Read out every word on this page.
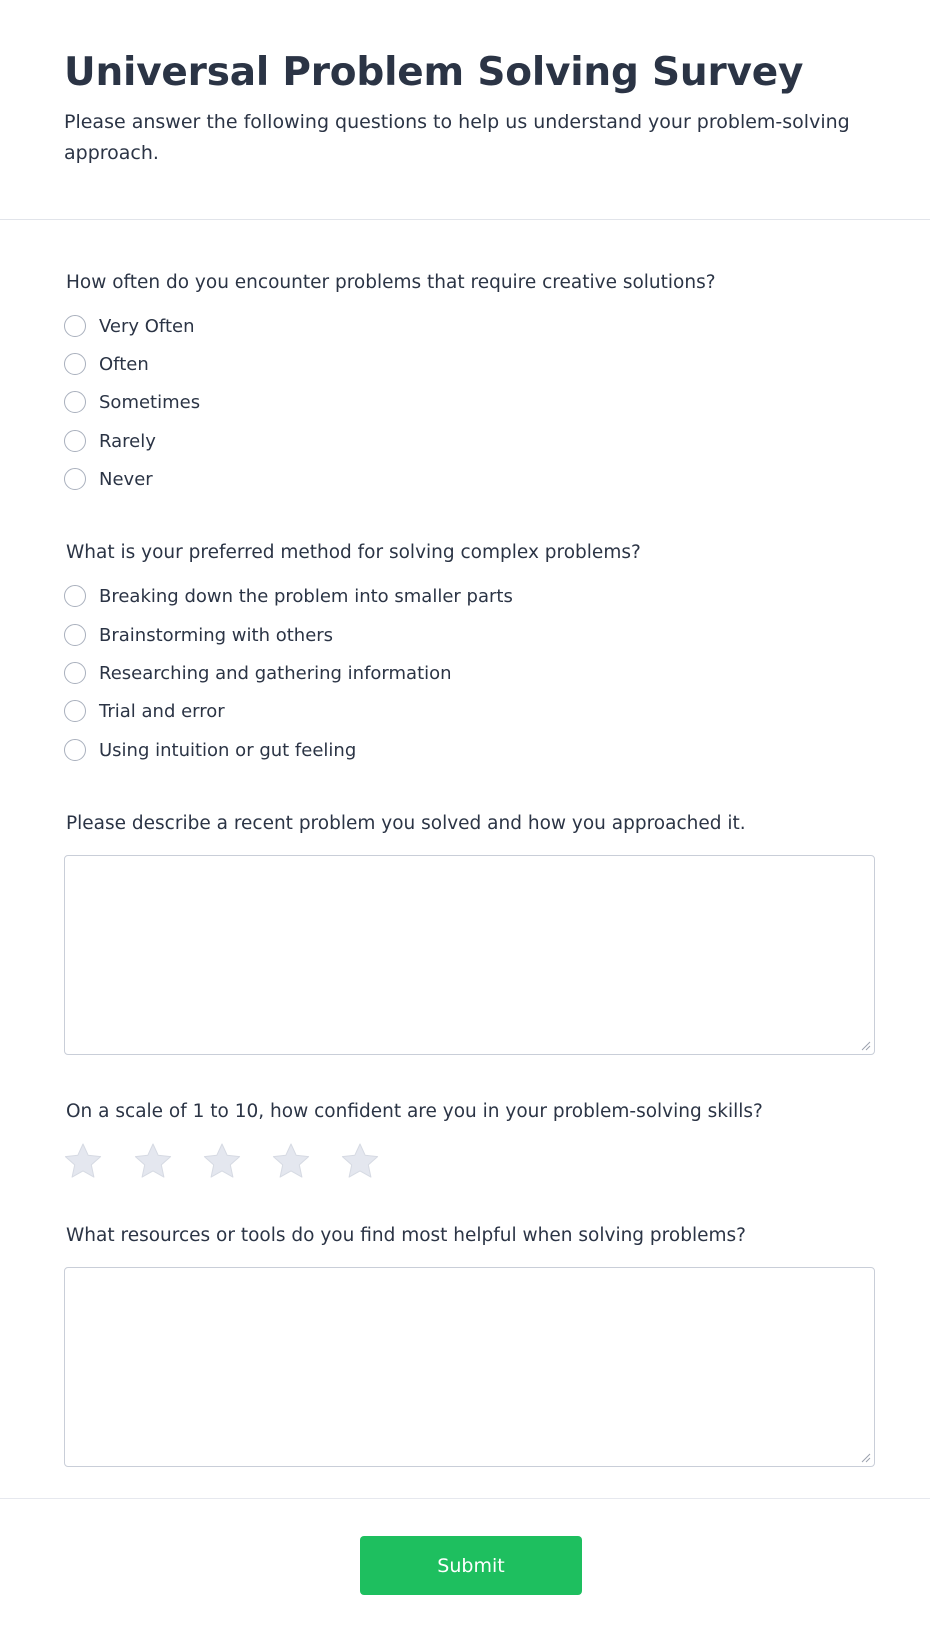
Universal Problem Solving Survey

Please answer the following questions to help us understand your problem-solving approach.

How often do you encounter problems that require creative solutions?

Very Often
Often
Sometimes
Rarely
Never

What is your preferred method for solving complex problems?

Breaking down the problem into smaller parts
Brainstorming with others
Researching and gathering information
Trial and error
Using intuition or gut feeling

Please describe a recent problem you solved and how you approached it.

On a scale of 1 to 10, how confident are you in your problem-solving skills?

What resources or tools do you find most helpful when solving problems?

Submit
